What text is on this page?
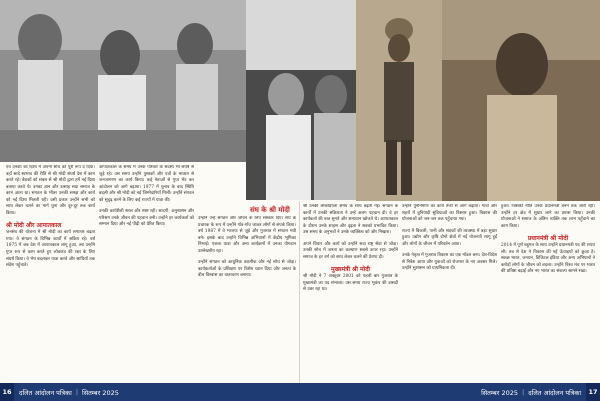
संघ के श्री मोदी

एवं उनकी को दिशा में अपनी सोच को पूरी रूप दे दिया। वहाँ सादे स्वभाव की रीति से श्री मोदी संघर्ष देश में काम करते रहे। बैठकों को संबल से श्री मोदी द्वारा हमें नई दिशा बताया करते थे। उनका ज्ञान और उत्साह सदा समाज के काम आता था। संगठन के भीतर उनकी समझ और कार्य को नई दिशा मिलती रही। उसी प्रकार उन्होंने सभी को साथ लेकर चलने का मार्ग चुना और दूर-दूर तक कार्य किया।

श्री मोदी और आपातकाल

जनसंघ की योजना में श्री मोदी का कार्य लगातार बढ़ता गया। वे संगठन के विभिन्न कार्यों में सक्रिय रहे। वर्ष 1975 में जब देश में आपातकाल लागू हुआ, तब उन्होंने गुप्त रूप से काम करते हुए लोकतंत्र की रक्षा के लिए संघर्ष किया। वे भेष बदलकर यात्रा करते और साथियों तक संदेश पहुँचाते।

आपातकाल के समय में उनके परिवार के सदस्य भी संघर्ष से जुड़े रहे। उस समय उन्होंने पुस्तकों और पत्रों के माध्यम से जनजागरण का कार्य किया। कई नेताओं से गुप्त भेंट कर आंदोलन को आगे बढ़ाया। 1977 में चुनाव के बाद स्थिति बदली और श्री मोदी को नई जिम्मेदारियाँ मिलीं। उन्होंने संगठन को सुदृढ़ करने के लिए कई राज्यों में यात्रा की।

उनकी कार्यशैली सरल और स्पष्ट रही। सादगी, अनुशासन और परिश्रम उनके जीवन की पहचान बनी। उन्होंने हर कार्यकर्ता को सम्मान दिया और नई पीढ़ी को प्रेरित किया।

उन्होंने उन्हें संगठन और जीवन के लिए संस्कार दिए। संघ के प्रचारक के रूप में उन्होंने गाँव-गाँव जाकर लोगों से संपर्क किया। वर्ष 1987 में वे भाजपा से जुड़े और गुजरात में संगठन मंत्री बने। इसके बाद उन्होंने विभिन्न अभियानों में केंद्रीय भूमिका निभाई। एकता यात्रा और अन्य कार्यक्रमों में उनका योगदान उल्लेखनीय रहा।

उन्होंने संगठन को आधुनिक तकनीक और नई सोच से जोड़ा। कार्यकर्ताओं के प्रशिक्षण पर विशेष ध्यान दिया और जनता के बीच विश्वास का वातावरण बनाया।

श्री उनकी लोकप्रियता समय के साथ बढ़ती गई। संगठन के कार्यों में उनकी सक्रियता ने उन्हें अलग पहचान दी। वे हर कार्यकर्ता की बात सुनते और समाधान खोजते थे। आपातकाल के दौरान उनके साहस और दृढ़ता ने सबको प्रभावित किया। उस समय के अनुभवों ने उनके व्यक्तित्व को और निखारा।

अपने विचार और कार्य को उन्होंने सदा राष्ट्र सेवा से जोड़ा। उनकी सोच में जनता का कल्याण सबसे ऊपर रहा। उन्होंने समाज के हर वर्ग को साथ लेकर चलने की प्रेरणा दी।

मुख्यमंत्री श्री मोदी

श्री मोदी ने 7 अक्टूबर 2001 को पहली बार गुजरात के मुख्यमंत्री का पद संभाला। उस समय राज्य भूकंप की त्रासदी से उबर रहा था।

उन्होंने पुनर्निर्माण का कार्य तेजी से आगे बढ़ाया। गाँवों और शहरों में बुनियादी सुविधाओं का विस्तार हुआ। विकास की योजनाओं को जन-जन तक पहुँचाया गया।

राज्य में बिजली, पानी और सड़कों की व्यवस्था में बड़ा सुधार हुआ। उद्योग और कृषि दोनों क्षेत्रों में नई योजनाएँ लागू हुईं और लोगों के जीवन में परिवर्तन आया।

उनके नेतृत्व में गुजरात विकास का एक मॉडल बना। देश-विदेश से निवेश आया और युवाओं को रोजगार के नए अवसर मिले। उन्होंने सुशासन को प्राथमिकता दी।

हुआ। जिसकी नीति उनके प्रधानमंत्री बनने तक जारी रही। उन्होंने हर क्षेत्र में सुधार लाने का प्रयास किया। उनकी योजनाओं ने समाज के अंतिम व्यक्ति तक लाभ पहुँचाने का काम किया।

प्रधानमंत्री श्री मोदी

2014 में पूर्ण बहुमत के साथ उन्होंने प्रधानमंत्री पद की शपथ ली। तब से देश ने विकास की नई ऊँचाइयों को छुआ है। स्वच्छ भारत, जनधन, डिजिटल इंडिया और अन्य अभियानों ने करोड़ों लोगों के जीवन को बदला। उन्होंने विश्व मंच पर भारत की प्रतिष्ठा बढ़ाई और नए भारत का संकल्प सामने रखा।

16	दलित आंदोलन पत्रिका | सितम्बर 2025	सितम्बर 2025 | दलित आंदोलन पत्रिका	17
